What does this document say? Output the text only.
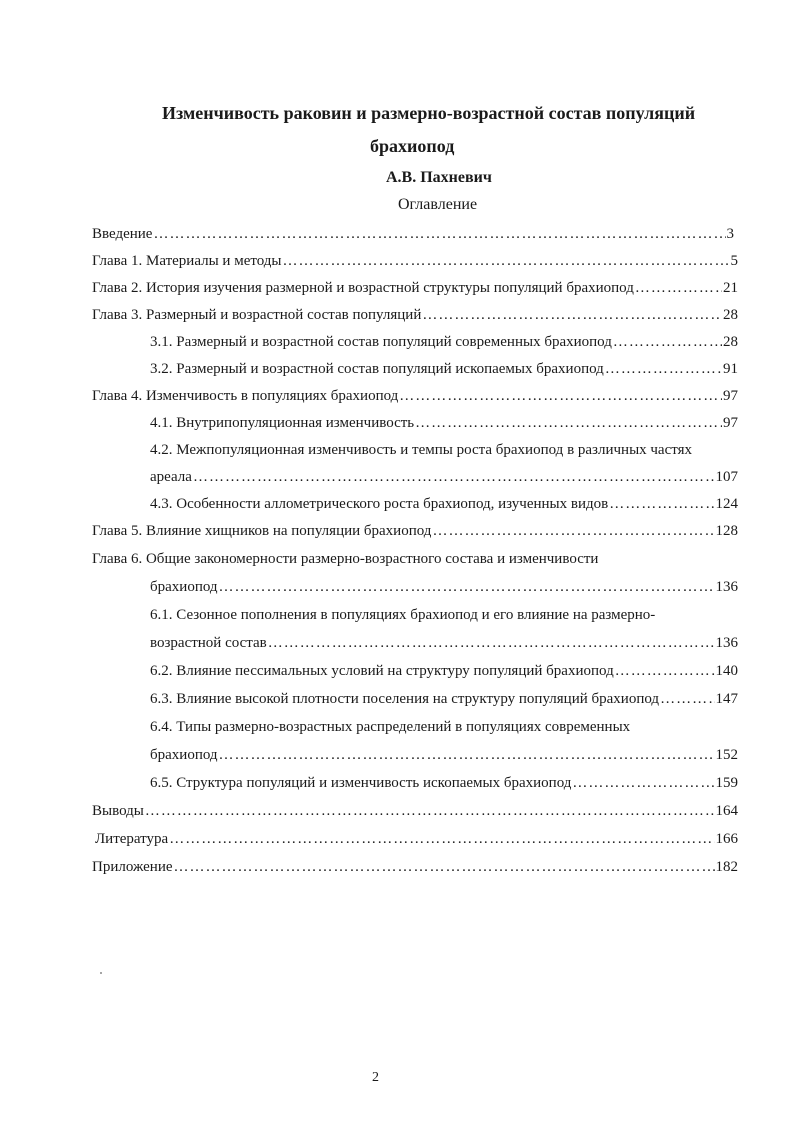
Изменчивость раковин и размерно-возрастной состав популяций
брахиопод
А.В. Пахневич
Оглавление
Введение …………………………………………………………………………………………………………………………………………………………………………………………………………	3
Глава 1. Материалы и методы …………………………………………………………………………………………………………………………………………………………………………………………………………	5
Глава 2. История изучения размерной и возрастной структуры популяций брахиопод …………………………………………………………………………………………………………………………………………………………………………………………………………	21
Глава 3. Размерный и возрастной состав популяций …………………………………………………………………………………………………………………………………………………………………………………………………………	28
3.1. Размерный и возрастной состав популяций современных брахиопод …………………………………………………………………………………………………………………………………………………………………………………………………………	28
3.2. Размерный и возрастной состав популяций ископаемых брахиопод …………………………………………………………………………………………………………………………………………………………………………………………………………	91
Глава 4. Изменчивость в популяциях брахиопод …………………………………………………………………………………………………………………………………………………………………………………………………………	97
4.1. Внутрипопуляционная изменчивость …………………………………………………………………………………………………………………………………………………………………………………………………………	97
4.2. Межпопуляционная изменчивость и темпы роста брахиопод в различных частях
ареала …………………………………………………………………………………………………………………………………………………………………………………………………………	107
4.3. Особенности аллометрического роста брахиопод, изученных видов …………………………………………………………………………………………………………………………………………………………………………………………………………	124
Глава 5. Влияние хищников на популяции брахиопод …………………………………………………………………………………………………………………………………………………………………………………………………………	128
Глава 6. Общие закономерности размерно-возрастного состава и изменчивости
брахиопод …………………………………………………………………………………………………………………………………………………………………………………………………………	136
6.1. Сезонное пополнения в популяциях брахиопод и его влияние на размерно-
возрастной состав …………………………………………………………………………………………………………………………………………………………………………………………………………	136
6.2. Влияние пессимальных условий на структуру популяций брахиопод …………………………………………………………………………………………………………………………………………………………………………………………………………	140
6.3. Влияние высокой плотности поселения на структуру популяций брахиопод …………………………………………………………………………………………………………………………………………………………………………………………………………	147
6.4. Типы размерно-возрастных распределений в популяциях современных
брахиопод …………………………………………………………………………………………………………………………………………………………………………………………………………	152
6.5. Структура популяций и изменчивость ископаемых брахиопод …………………………………………………………………………………………………………………………………………………………………………………………………………	159
Выводы …………………………………………………………………………………………………………………………………………………………………………………………………………	164
Литература …………………………………………………………………………………………………………………………………………………………………………………………………………	166
Приложение …………………………………………………………………………………………………………………………………………………………………………………………………………	182
2
